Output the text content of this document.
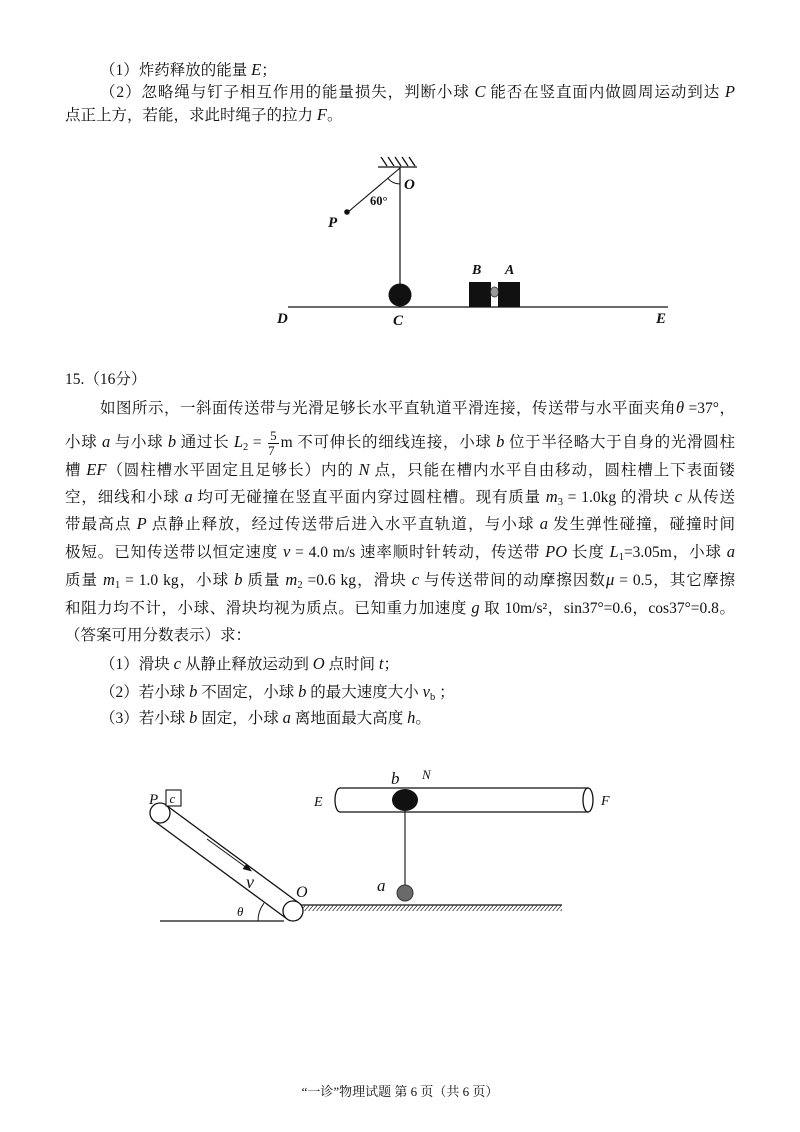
（1）炸药释放的能量 E；
（2）忽略绳与钉子相互作用的能量损失，判断小球 C 能否在竖直面内做圆周运动到达 P
点正上方，若能，求此时绳子的拉力 F。
O
60°
P
B A
D	C	E
15.（16分）
如图所示，一斜面传送带与光滑足够长水平直轨道平滑连接，传送带与水平面夹角θ =37°，
小球 a 与小球 b 通过长 $L_2 = \frac{5}{7}$ m 不可伸长的细线连接，小球 b 位于半径略大于自身的光滑圆柱
槽 EF（圆柱槽水平固定且足够长）内的 N 点，只能在槽内水平自由移动，圆柱槽上下表面镂
空，细线和小球 a 均可无碰撞在竖直平面内穿过圆柱槽。现有质量 $m_3 = 1.0kg$ 的滑块 c 从传送
带最高点 P 点静止释放，经过传送带后进入水平直轨道，与小球 a 发生弹性碰撞，碰撞时间
极短。已知传送带以恒定速度 v = 4.0 m/s 速率顺时针转动，传送带 PO 长度 $L_1=3.05m$，小球 a
质量 $m_1 = 1.0$ kg，小球 b 质量 $m_2 =0.6$ kg，滑块 c 与传送带间的动摩擦因数μ = 0.5，其它摩擦
和阻力均不计，小球、滑块均视为质点。已知重力加速度 g 取 10m/s²，sin37°=0.6，cos37°=0.8。
（答案可用分数表示）求：
（1）滑块 c 从静止释放运动到 O 点时间 t；
（2）若小球 b 不固定，小球 b 的最大速度大小 $v_b$ ；
（3）若小球 b 固定，小球 a 离地面最大高度 h。
b N
E	F
a
O
c
P
v
θ
“一诊”物理试题 第 6 页（共 6 页）
